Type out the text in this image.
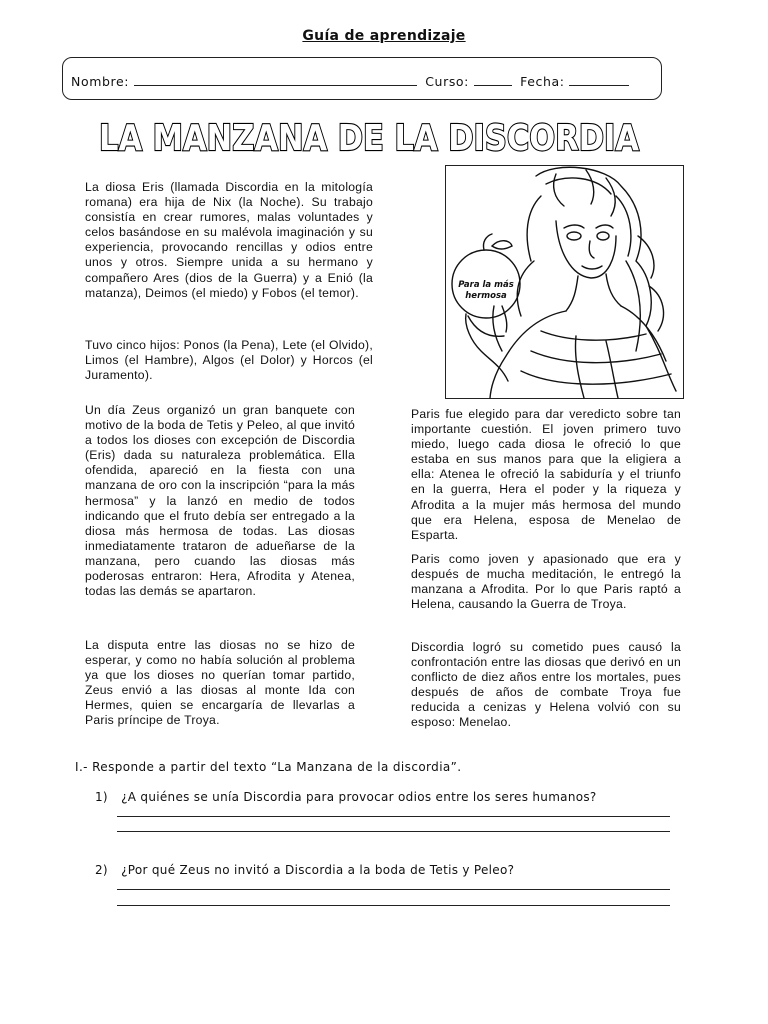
Guía de aprendizaje
Nombre:	Curso:	Fecha:
LA MANZANA DE LA DISCORDIA
La diosa Eris (llamada Discordia en la mitología romana) era hija de Nix (la Noche). Su trabajo consistía en crear rumores, malas voluntades y celos basándose en su malévola imaginación y su experiencia, provocando rencillas y odios entre unos y otros. Siempre unida a su hermano y compañero Ares (dios de la Guerra) y a Enió (la matanza), Deimos (el miedo) y Fobos (el temor).
Tuvo cinco hijos: Ponos (la Pena), Lete (el Olvido), Limos (el Hambre), Algos (el Dolor) y Horcos (el Juramento).
Un día Zeus organizó un gran banquete con motivo de la boda de Tetis y Peleo, al que invitó a todos los dioses con excepción de Discordia (Eris) dada su naturaleza problemática. Ella ofendida, apareció en la fiesta con una manzana de oro con la inscripción “para la más hermosa” y la lanzó en medio de todos indicando que el fruto debía ser entregado a la diosa más hermosa de todas. Las diosas inmediatamente trataron de adueñarse de la manzana, pero cuando las diosas más poderosas entraron: Hera, Afrodita y Atenea, todas las demás se apartaron.
La disputa entre las diosas no se hizo de esperar, y como no había solución al problema ya que los dioses no querían tomar partido, Zeus envió a las diosas al monte Ida con Hermes, quien se encargaría de llevarlas a Paris príncipe de Troya.
Para la más
hermosa
Paris fue elegido para dar veredicto sobre tan importante cuestión. El joven primero tuvo miedo, luego cada diosa le ofreció lo que estaba en sus manos para que la eligiera a ella: Atenea le ofreció la sabiduría y el triunfo en la guerra, Hera el poder y la riqueza y Afrodita a la mujer más hermosa del mundo que era Helena, esposa de Menelao de Esparta.
Paris como joven y apasionado que era y después de mucha meditación, le entregó la manzana a Afrodita. Por lo que Paris raptó a Helena, causando la Guerra de Troya.
Discordia logró su cometido pues causó la confrontación entre las diosas que derivó en un conflicto de diez años entre los mortales, pues después de años de combate Troya fue reducida a cenizas y Helena volvió con su esposo: Menelao.
I.- Responde a partir del texto “La Manzana de la discordia”.
1) ¿A quiénes se unía Discordia para provocar odios entre los seres humanos?
2) ¿Por qué Zeus no invitó a Discordia a la boda de Tetis y Peleo?
